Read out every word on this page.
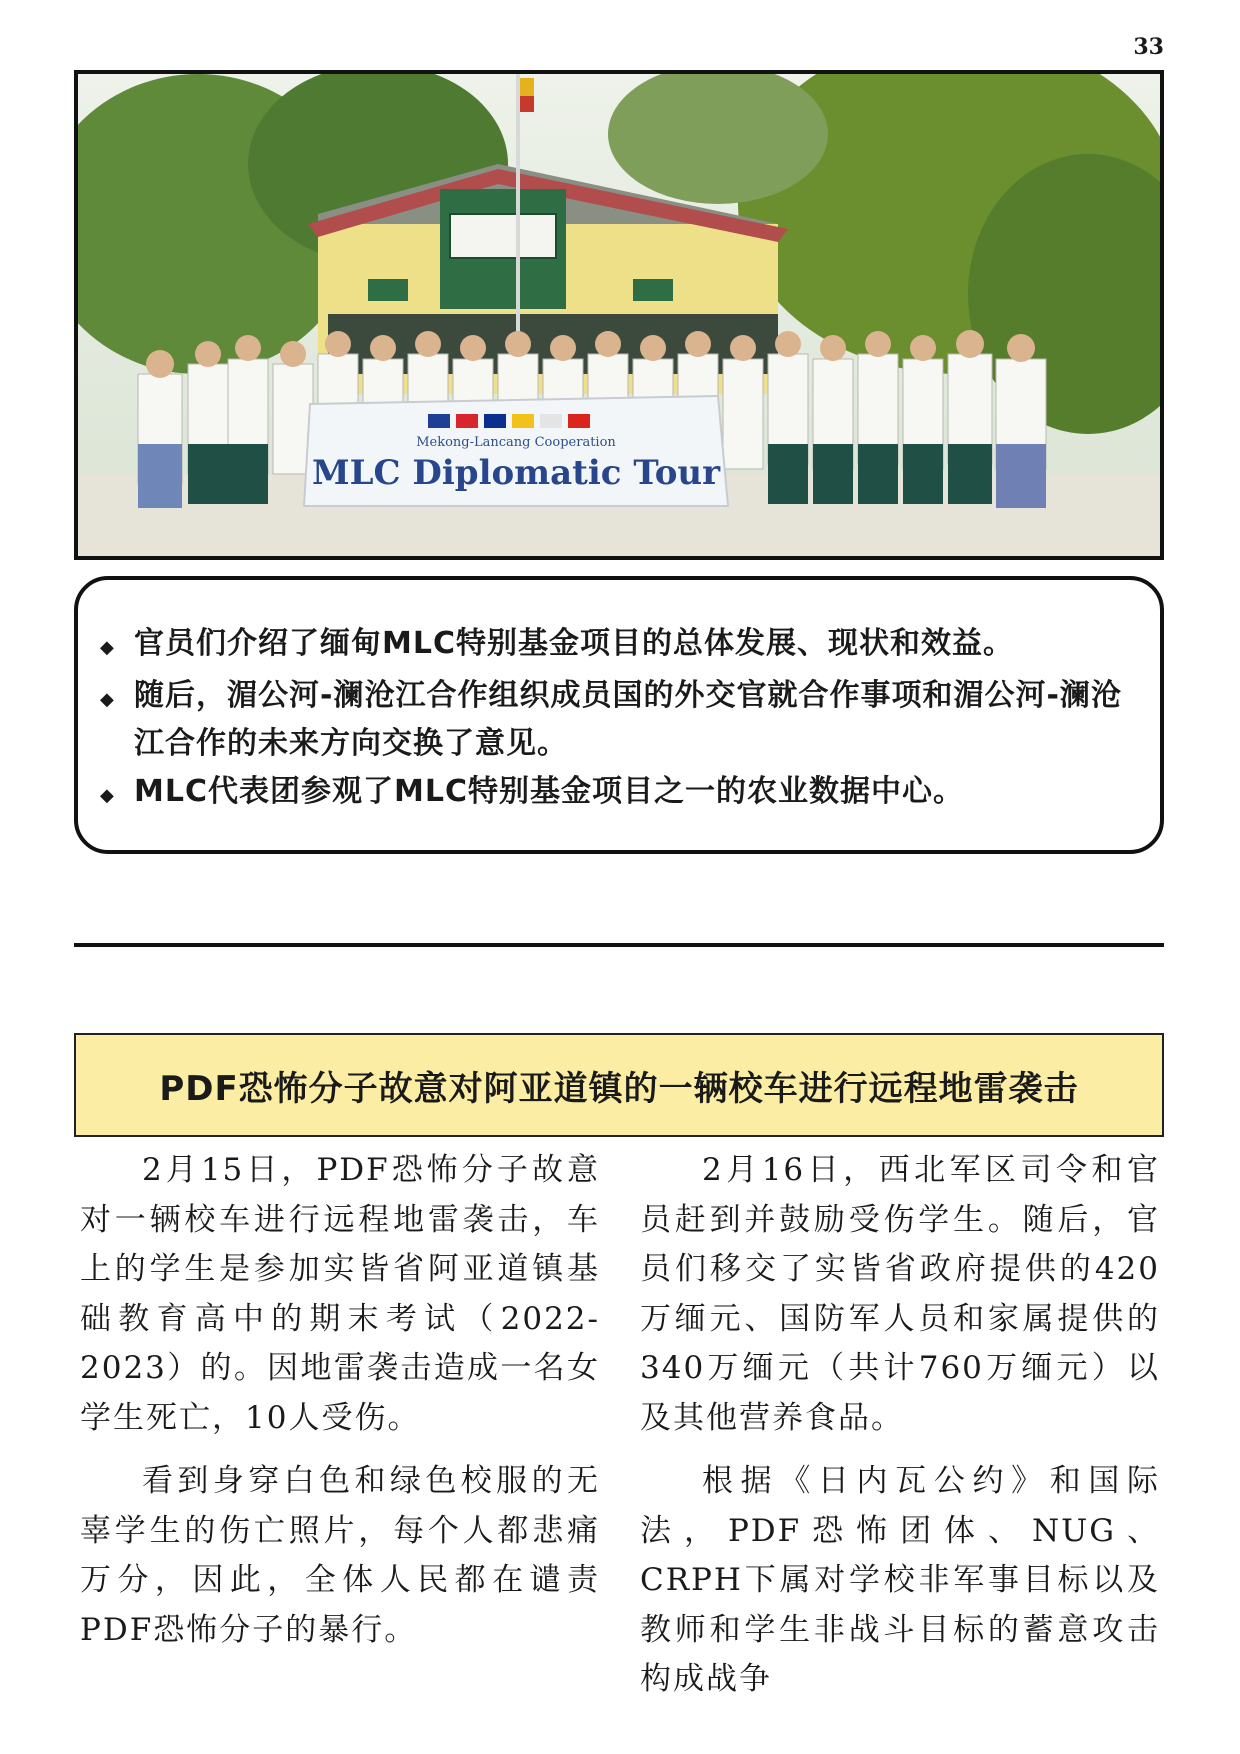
33
Mekong-Lancang Cooperation
MLC Diplomatic Tour
◆ 官员们介绍了缅甸MLC特别基金项目的总体发展、现状和效益。
◆ 随后，湄公河-澜沧江合作组织成员国的外交官就合作事项和湄公河-澜沧江合作的未来方向交换了意见。
◆ MLC代表团参观了MLC特别基金项目之一的农业数据中心。
PDF恐怖分子故意对阿亚道镇的一辆校车进行远程地雷袭击

2月15日，PDF恐怖分子故意对一辆校车进行远程地雷袭击，车上的学生是参加实皆省阿亚道镇基础教育高中的期末考试（2022-2023）的。因地雷袭击造成一名女学生死亡，10人受伤。

看到身穿白色和绿色校服的无辜学生的伤亡照片，每个人都悲痛万分，因此，全体人民都在谴责PDF恐怖分子的暴行。

2月16日，西北军区司令和官员赶到并鼓励受伤学生。随后，官员们移交了实皆省政府提供的420万缅元、国防军人员和家属提供的340万缅元（共计760万缅元）以及其他营养食品。

根据《日内瓦公约》和国际法，PDF恐怖团体、NUG、CRPH下属对学校非军事目标以及教师和学生非战斗目标的蓄意攻击构成战争
